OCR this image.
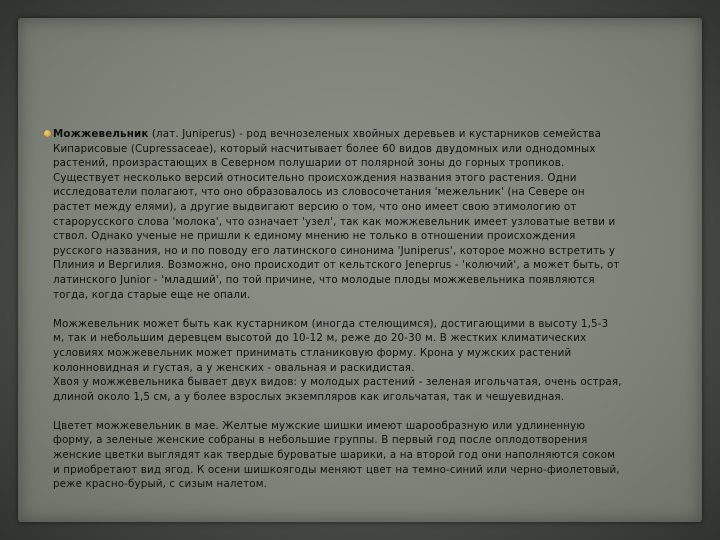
Можжевельник (лат. Juniperus) - род вечнозеленых хвойных деревьев и кустарников семейства
Кипарисовые (Cupressaceae), который насчитывает более 60 видов двудомных или однодомных
растений, произрастающих в Северном полушарии от полярной зоны до горных тропиков.
Существует несколько версий относительно происхождения названия этого растения. Одни
исследователи полагают, что оно образовалось из словосочетания 'межельник' (на Севере он
растет между елями), а другие выдвигают версию о том, что оно имеет свою этимологию от
старорусского слова 'молока', что означает 'узел', так как можжевельник имеет узловатые ветви и
ствол. Однако ученые не пришли к единому мнению не только в отношении происхождения
русского названия, но и по поводу его латинского синонима 'Juniperus', которое можно встретить у
Плиния и Вергилия. Возможно, оно происходит от кельтского Jeneprus - 'колючий', а может быть, от
латинского Junior - 'младший', по той причине, что молодые плоды можжевельника появляются
тогда, когда старые еще не опали.
Можжевельник может быть как кустарником (иногда стелющимся), достигающими в высоту 1,5-3
м, так и небольшим деревцем высотой до 10-12 м, реже до 20-30 м. В жестких климатических
условиях можжевельник может принимать стланиковую форму. Крона у мужских растений
колонновидная и густая, а у женских - овальная и раскидистая.
Хвоя у можжевельника бывает двух видов: у молодых растений - зеленая игольчатая, очень острая,
длиной около 1,5 см, а у более взрослых экземпляров как игольчатая, так и чешуевидная.
Цветет можжевельник в мае. Желтые мужские шишки имеют шарообразную или удлиненную
форму, а зеленые женские собраны в небольшие группы. В первый год после оплодотворения
женские цветки выглядят как твердые буроватые шарики, а на второй год они наполняются соком
и приобретают вид ягод. К осени шишкоягоды меняют цвет на темно-синий или черно-фиолетовый,
реже красно-бурый, с сизым налетом.
